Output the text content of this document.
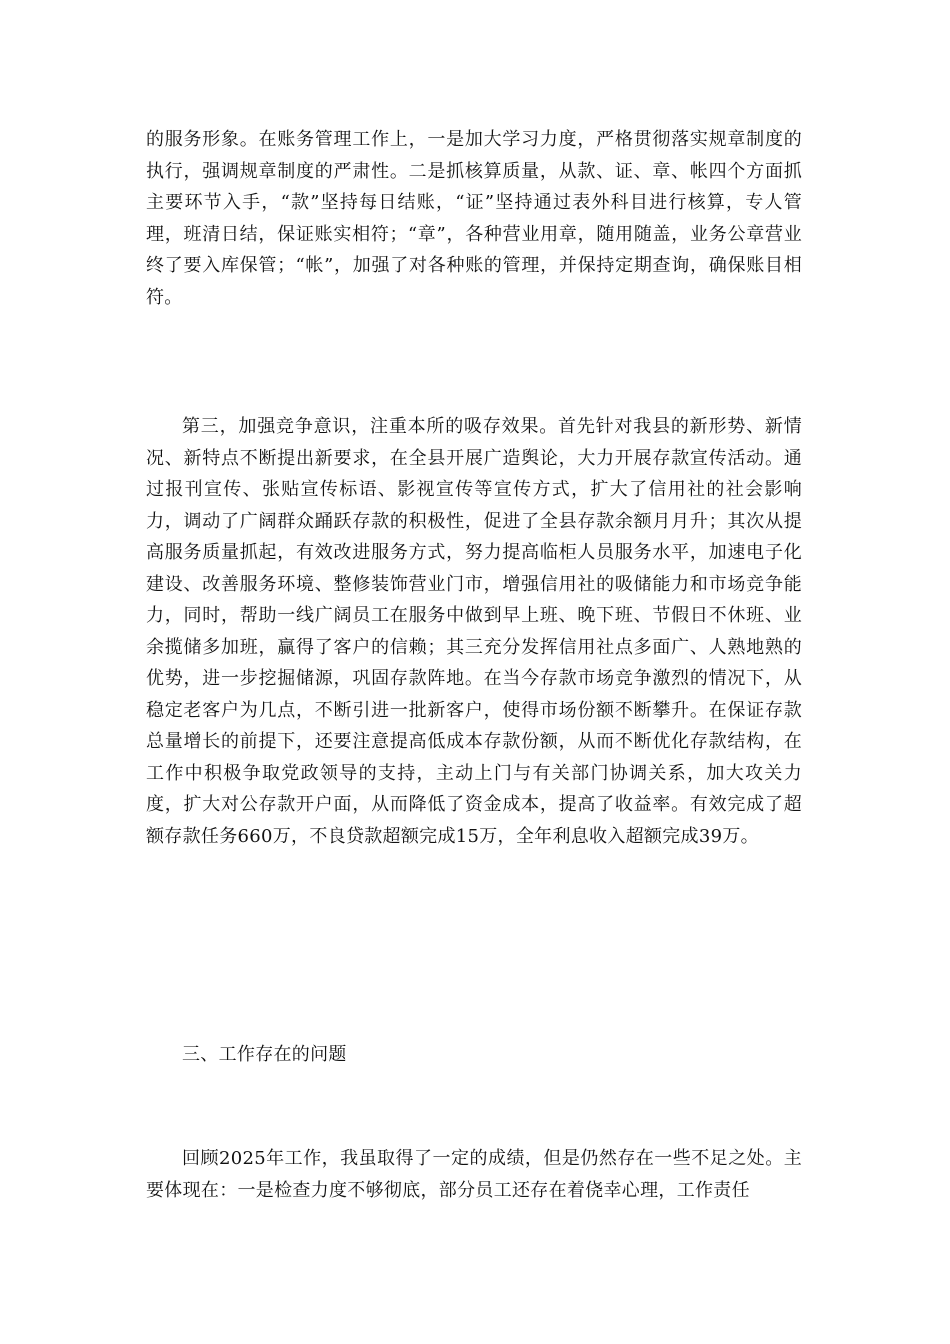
的服务形象。在账务管理工作上，一是加大学习力度，严格贯彻落实规章制度的执行，强调规章制度的严肃性。二是抓核算质量，从款、证、章、帐四个方面抓主要环节入手，“款”坚持每日结账，“证”坚持通过表外科目进行核算，专人管理，班清日结，保证账实相符；“章”，各种营业用章，随用随盖，业务公章营业终了要入库保管；“帐”，加强了对各种账的管理，并保持定期查询，确保账目相符。

第三，加强竞争意识，注重本所的吸存效果。首先针对我县的新形势、新情况、新特点不断提出新要求，在全县开展广造舆论，大力开展存款宣传活动。通过报刊宣传、张贴宣传标语、影视宣传等宣传方式，扩大了信用社的社会影响力，调动了广阔群众踊跃存款的积极性，促进了全县存款余额月月升；其次从提高服务质量抓起，有效改进服务方式，努力提高临柜人员服务水平，加速电子化建设、改善服务环境、整修装饰营业门市，增强信用社的吸储能力和市场竞争能力，同时，帮助一线广阔员工在服务中做到早上班、晚下班、节假日不休班、业余揽储多加班，赢得了客户的信赖；其三充分发挥信用社点多面广、人熟地熟的优势，进一步挖掘储源，巩固存款阵地。在当今存款市场竞争激烈的情况下，从稳定老客户为几点，不断引进一批新客户，使得市场份额不断攀升。在保证存款总量增长的前提下，还要注意提高低成本存款份额，从而不断优化存款结构，在工作中积极争取党政领导的支持，主动上门与有关部门协调关系，加大攻关力度，扩大对公存款开户面，从而降低了资金成本，提高了收益率。有效完成了超额存款任务660万，不良贷款超额完成15万，全年利息收入超额完成39万。

三、工作存在的问题

回顾2025年工作，我虽取得了一定的成绩，但是仍然存在一些不足之处。主要体现在：一是检查力度不够彻底，部分员工还存在着侥幸心理，工作责任
